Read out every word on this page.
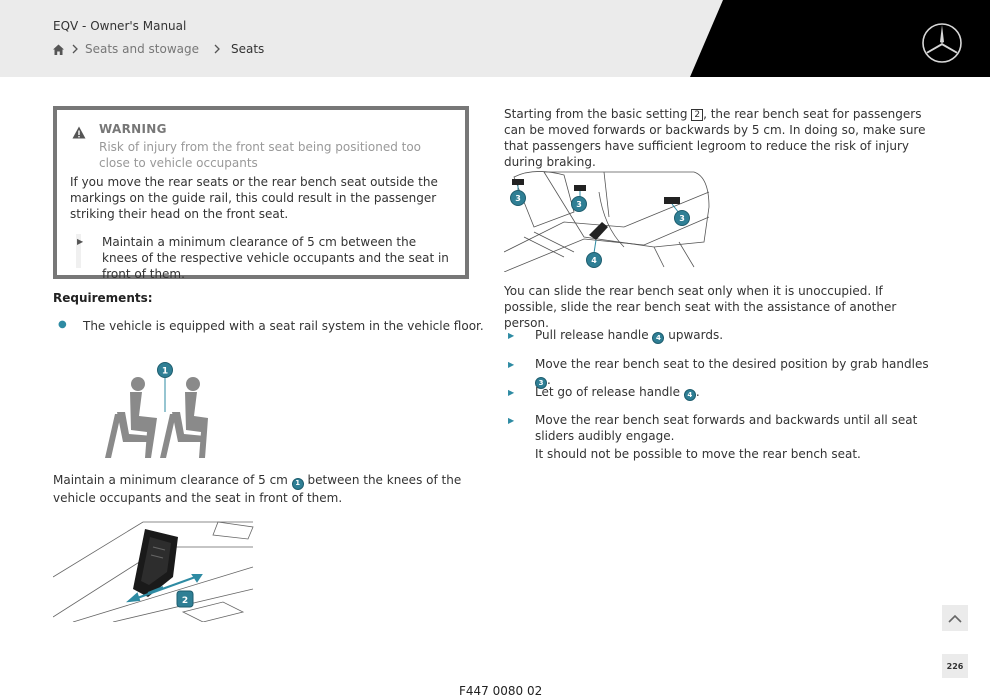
EQV - Owner's Manual
Seats and stowage	Seats
WARNING
Risk of injury from the front seat being positioned too close to vehicle occupants
If you move the rear seats or the rear bench seat outside the markings on the guide rail, this could result in the passenger striking their head on the front seat.
▶ Maintain a minimum clearance of 5 cm between the knees of the respective vehicle occupants and the seat in front of them.
Requirements:
● The vehicle is equipped with a seat rail system in the vehicle floor.
1
Maintain a minimum clearance of 5 cm 1 between the knees of the vehicle occupants and the seat in front of them.
2
Starting from the basic setting 2 , the rear bench seat for passengers can be moved forwards or backwards by 5 cm. In doing so, make sure that passengers have sufficient legroom to reduce the risk of injury during braking.
3
3
3
4
You can slide the rear bench seat only when it is unoccupied. If possible, slide the rear bench seat with the assistance of another person.
▶ Pull release handle 4 upwards.
▶ Move the rear bench seat to the desired position by grab handles 3 .
▶ Let go of release handle 4 .
▶ Move the rear bench seat forwards and backwards until all seat sliders audibly engage.
It should not be possible to move the rear bench seat.
226
F447 0080 02
